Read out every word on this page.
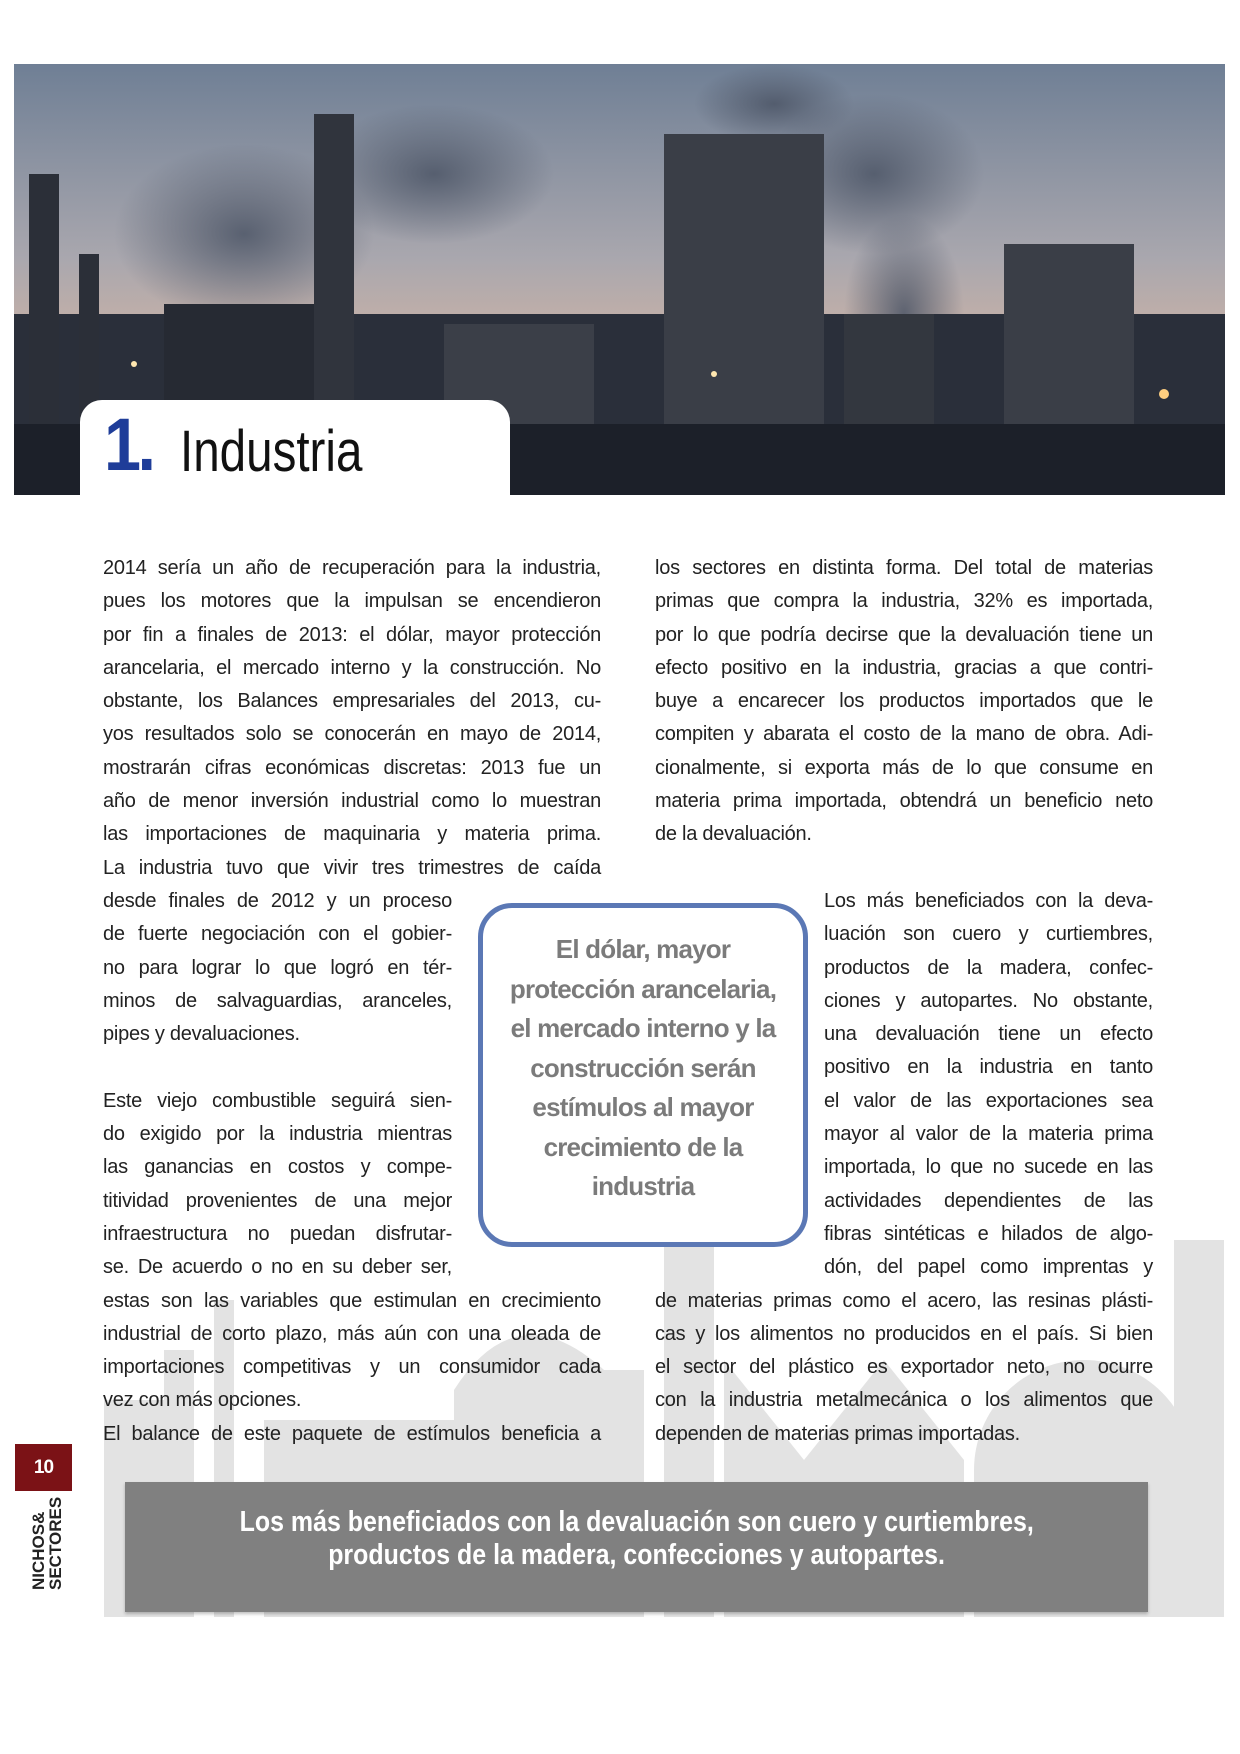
1. Industria
2014 sería un año de recuperación para la industria,
pues los motores que la impulsan se encendieron
por fin a finales de 2013: el dólar, mayor protección
arancelaria, el mercado interno y la construcción. No
obstante, los Balances empresariales del 2013, cu-
yos resultados solo se conocerán en mayo de 2014,
mostrarán cifras económicas discretas: 2013 fue un
año de menor inversión industrial como lo muestran
las importaciones de maquinaria y materia prima.
La industria tuvo que vivir tres trimestres de caída
desde finales de 2012 y un proceso
de fuerte negociación con el gobier-
no para lograr lo que logró en tér-
minos de salvaguardias, aranceles,
pipes y devaluaciones.
Este viejo combustible seguirá sien-
do exigido por la industria mientras
las ganancias en costos y compe-
titividad provenientes de una mejor
infraestructura no puedan disfrutar-
se. De acuerdo o no en su deber ser,
estas son las variables que estimulan en crecimiento
industrial de corto plazo, más aún con una oleada de
importaciones competitivas y un consumidor cada
vez con más opciones.
El balance de este paquete de estímulos beneficia a
los sectores en distinta forma. Del total de materias
primas que compra la industria, 32% es importada,
por lo que podría decirse que la devaluación tiene un
efecto positivo en la industria, gracias a que contri-
buye a encarecer los productos importados que le
compiten y abarata el costo de la mano de obra. Adi-
cionalmente, si exporta más de lo que consume en
materia prima importada, obtendrá un beneficio neto
de la devaluación.
Los más beneficiados con la deva-
luación son cuero y curtiembres,
productos de la madera, confec-
ciones y autopartes. No obstante,
una devaluación tiene un efecto
positivo en la industria en tanto
el valor de las exportaciones sea
mayor al valor de la materia prima
importada, lo que no sucede en las
actividades dependientes de las
fibras sintéticas e hilados de algo-
dón, del papel como imprentas y
de materias primas como el acero, las resinas plásti-
cas y los alimentos no producidos en el país. Si bien
el sector del plástico es exportador neto, no ocurre
con la industria metalmecánica o los alimentos que
dependen de materias primas importadas.
El dólar, mayor
protección arancelaria,
el mercado interno y la
construcción serán
estímulos al mayor
crecimiento de la
industria
Los más beneficiados con la devaluación son cuero y curtiembres,
productos de la madera, confecciones y autopartes.
10
NICHOS&
SECTORES
